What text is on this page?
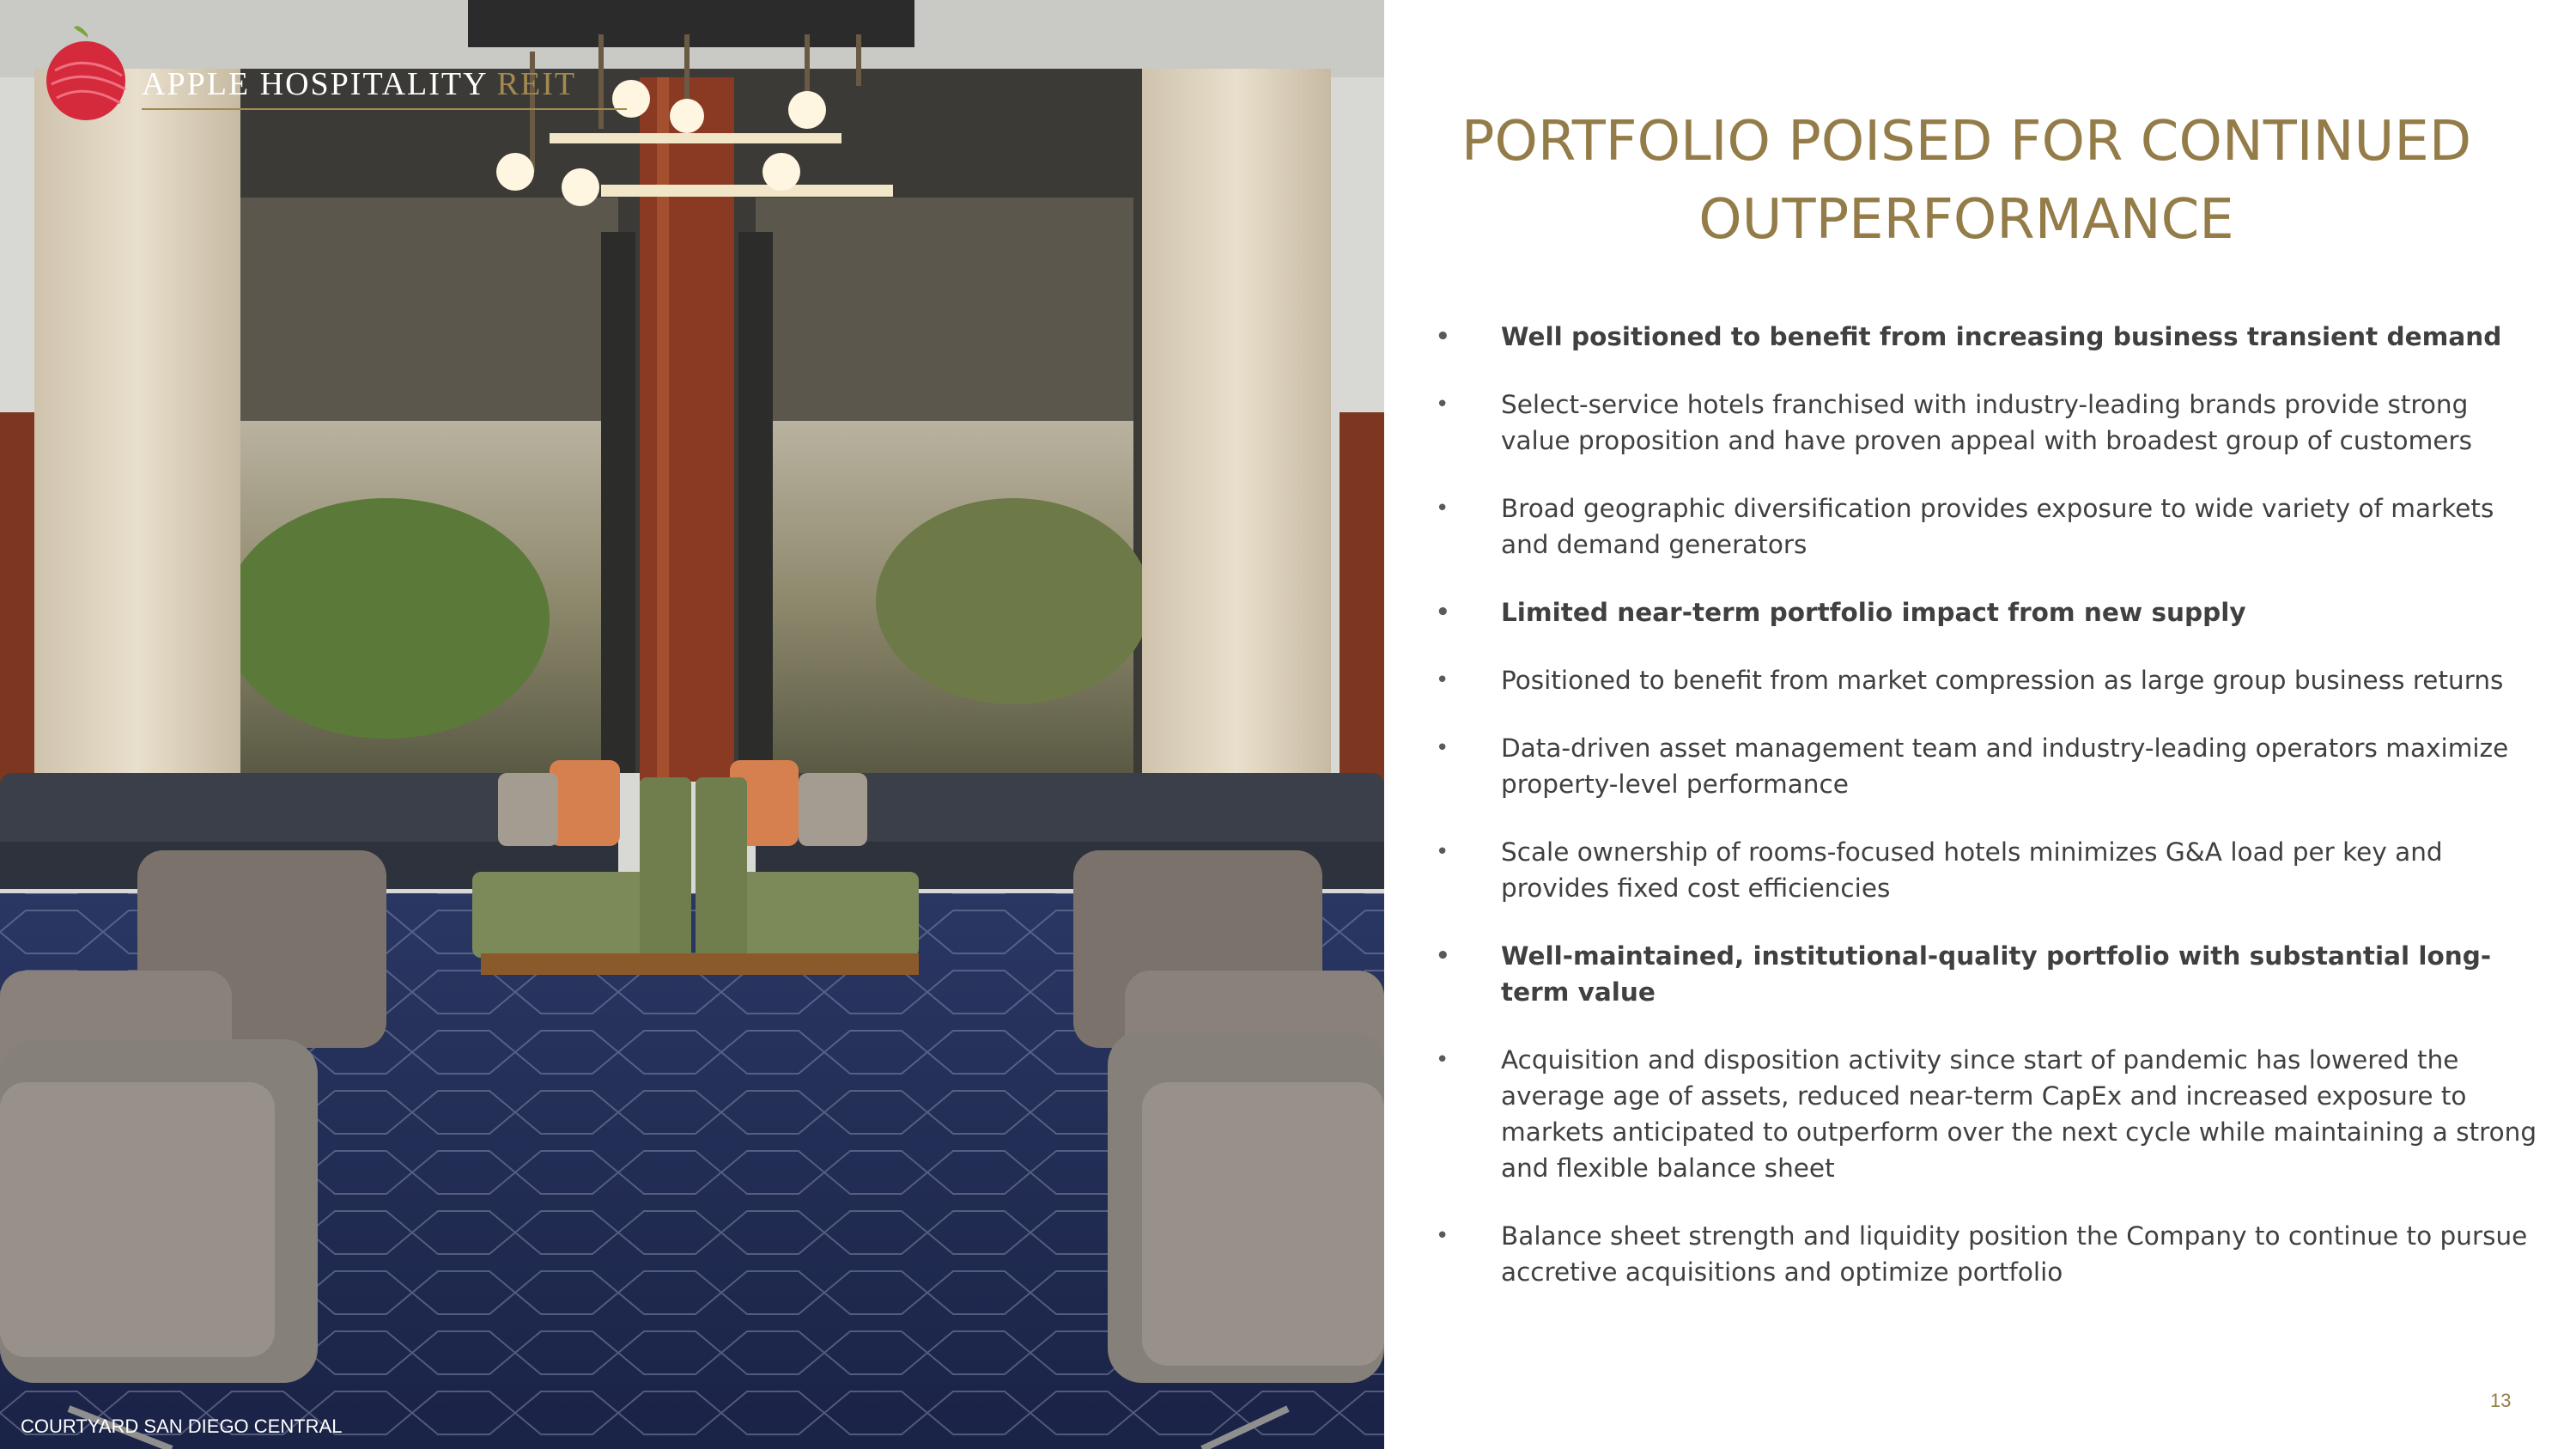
APPLE HOSPITALITY REIT
COURTYARD SAN DIEGO CENTRAL
PORTFOLIO POISED FOR CONTINUED
OUTPERFORMANCE
•	Well positioned to benefit from increasing business transient demand
•	Select-service hotels franchised with industry-leading brands provide strong value proposition and have proven appeal with broadest group of customers
•	Broad geographic diversification provides exposure to wide variety of markets and demand generators
•	Limited near-term portfolio impact from new supply
•	Positioned to benefit from market compression as large group business returns
•	Data-driven asset management team and industry-leading operators maximize property-level performance
•	Scale ownership of rooms-focused hotels minimizes G&A load per key and provides fixed cost efficiencies
•	Well-maintained, institutional-quality portfolio with substantial long-term value
•	Acquisition and disposition activity since start of pandemic has lowered the average age of assets, reduced near-term CapEx and increased exposure to markets anticipated to outperform over the next cycle while maintaining a strong and flexible balance sheet
•	Balance sheet strength and liquidity position the Company to continue to pursue accretive acquisitions and optimize portfolio
13
